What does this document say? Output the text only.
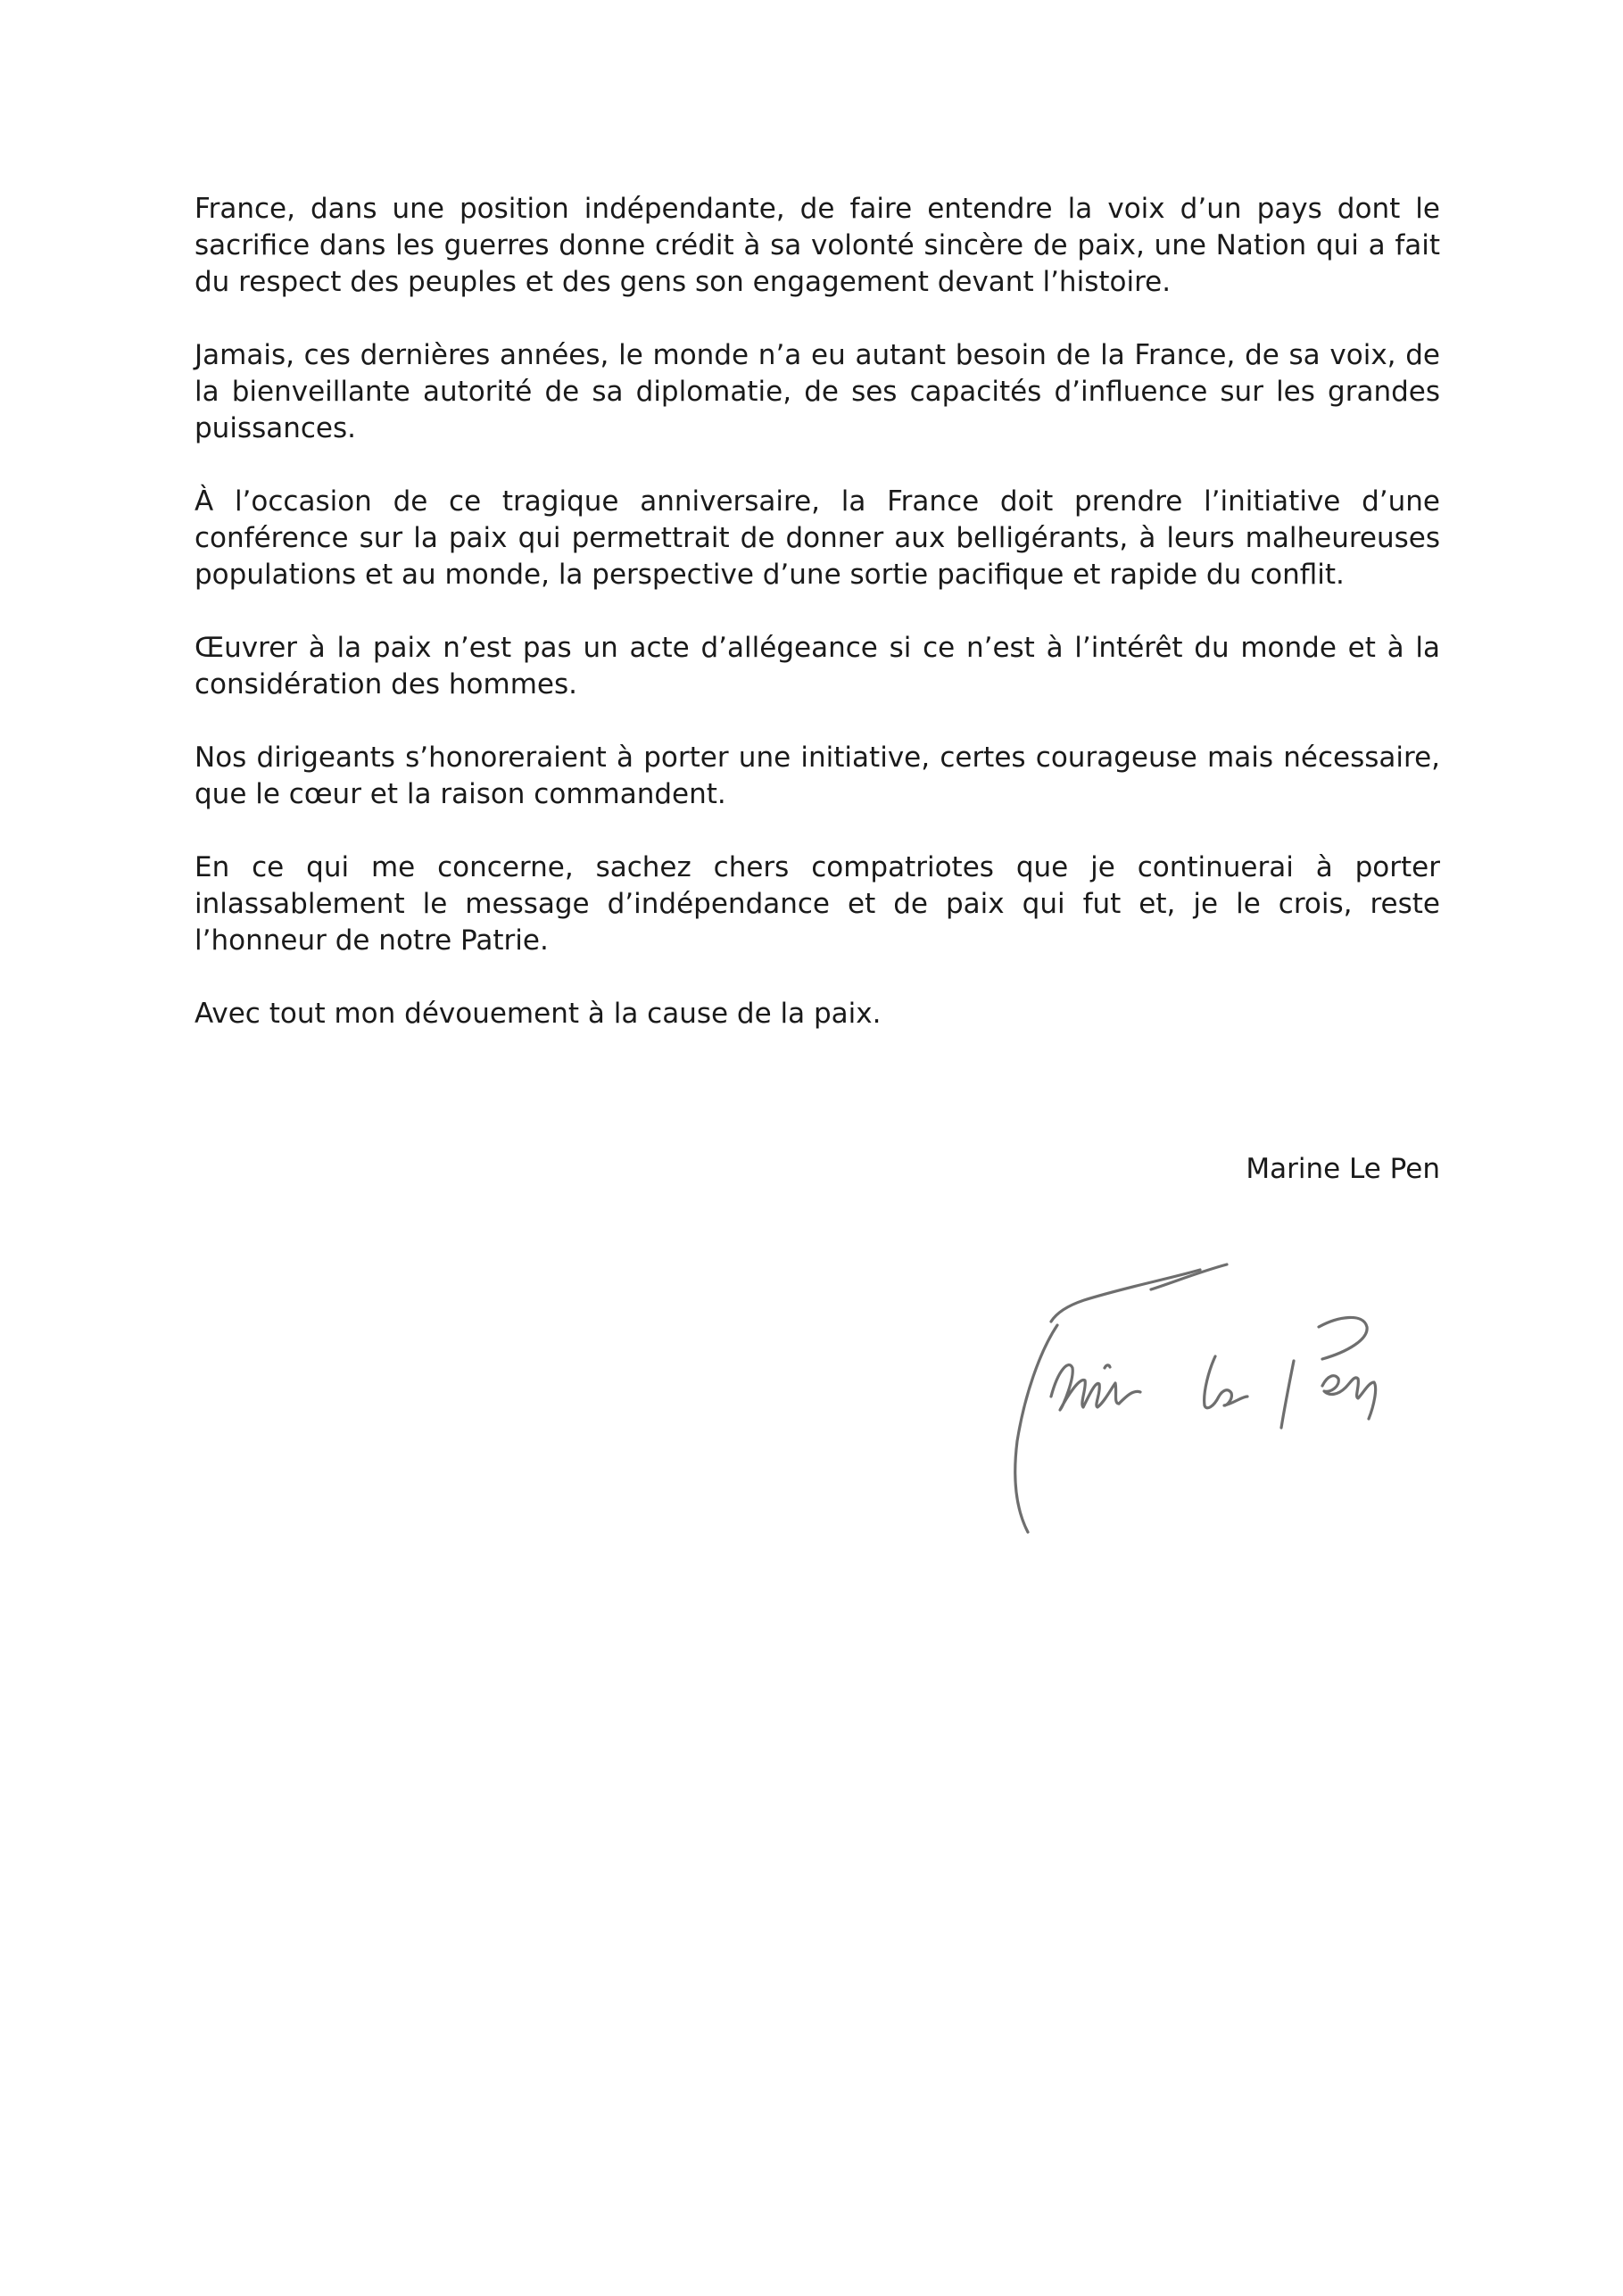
France, dans une position indépendante, de faire entendre la voix d’un pays dont le sacrifice dans les guerres donne crédit à sa volonté sincère de paix, une Nation qui a fait du respect des peuples et des gens son engagement devant l’histoire.

Jamais, ces dernières années, le monde n’a eu autant besoin de la France, de sa voix, de la bienveillante autorité de sa diplomatie, de ses capacités d’influence sur les grandes puissances.

À l’occasion de ce tragique anniversaire, la France doit prendre l’initiative d’une conférence sur la paix qui permettrait de donner aux belligérants, à leurs malheureuses populations et au monde, la perspective d’une sortie pacifique et rapide du conflit.

Œuvrer à la paix n’est pas un acte d’allégeance si ce n’est à l’intérêt du monde et à la considération des hommes.

Nos dirigeants s’honoreraient à porter une initiative, certes courageuse mais nécessaire, que le cœur et la raison commandent.

En ce qui me concerne, sachez chers compatriotes que je continuerai à porter inlassablement le message d’indépendance et de paix qui fut et, je le crois, reste l’honneur de notre Patrie.

Avec tout mon dévouement à la cause de la paix.

Marine Le Pen
